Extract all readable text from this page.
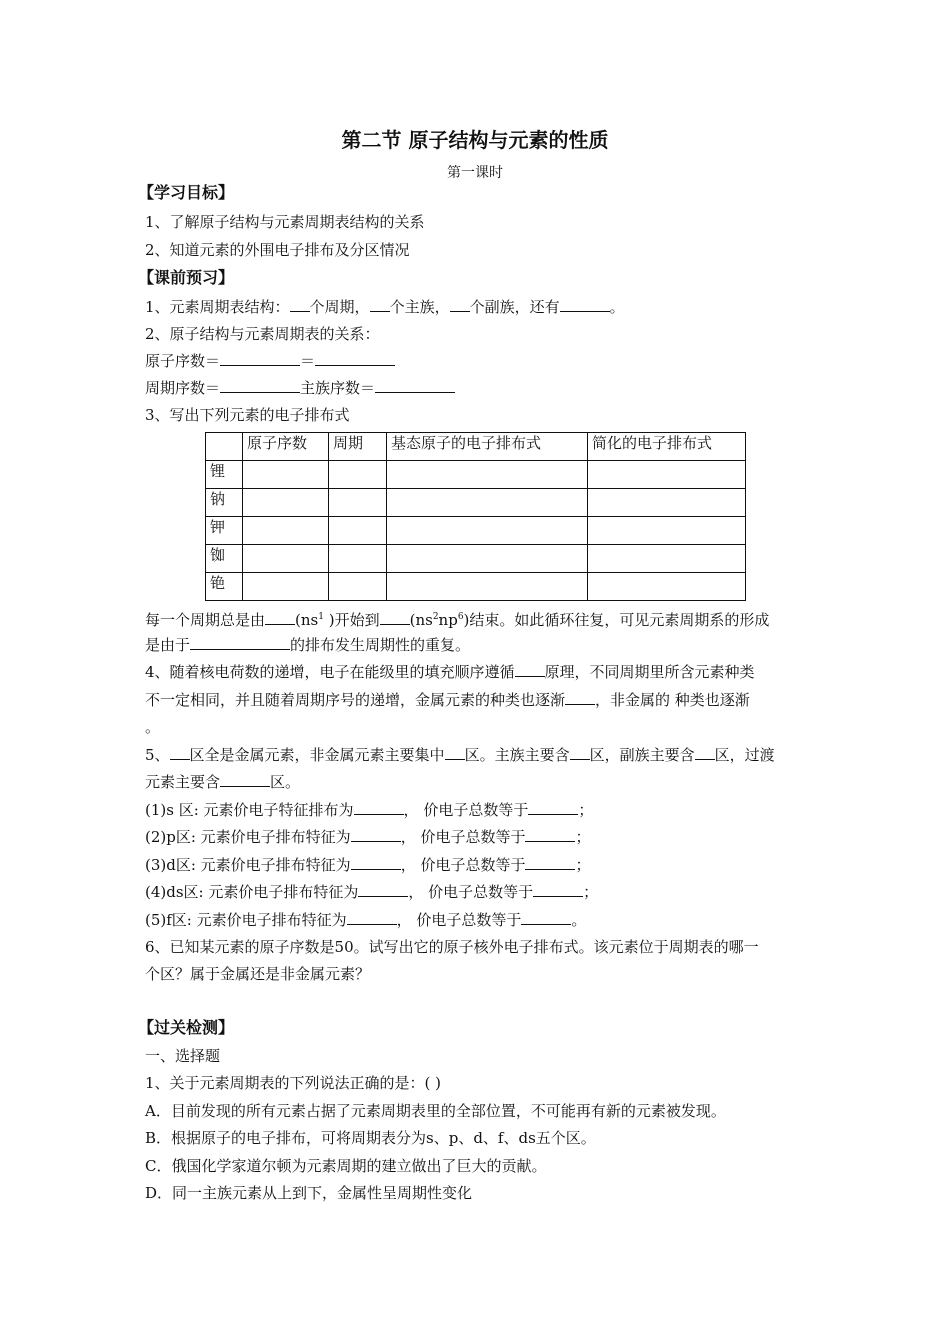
第二节 原子结构与元素的性质
第一课时
【学习目标】
1、了解原子结构与元素周期表结构的关系
2、知道元素的外围电子排布及分区情况
【课前预习】
1、元素周期表结构： 个周期， 个主族， 个副族，还有	。
2、原子结构与元素周期表的关系：
原子序数＝	＝
周期序数＝	主族序数＝
3、写出下列元素的电子排布式
	原子序数	周期	基态原子的电子排布式	简化的电子排布式
锂				
钠				
钾				
铷				
铯				
每一个周期总是由 ($ns^1$ )开始到 $(ns^2np^6)$结束。如此循环往复，可见元素周期系的形成
是由于	的排布发生周期性的重复。
4、随着核电荷数的递增，电子在能级里的填充顺序遵循 原理，不同周期里所含元素种类
不一定相同，并且随着周期序号的递增，金属元素的种类也逐渐 ，非金属的 种类也逐渐
。
5、 区全是金属元素，非金属元素主要集中 区。主族主要含 区，副族主要含 区，过渡
元素主要含	区。
(1)s 区: 元素价电子特征排布为	， 价电子总数等于	；
(2)p区: 元素价电子排布特征为	， 价电子总数等于	；
(3)d区: 元素价电子排布特征为	， 价电子总数等于	；
(4)ds区: 元素价电子排布特征为	， 价电子总数等于	；
(5)f区: 元素价电子排布特征为	， 价电子总数等于	。
6、已知某元素的原子序数是50。试写出它的原子核外电子排布式。该元素位于周期表的哪一
个区？属于金属还是非金属元素？
【过关检测】
一、选择题
1、关于元素周期表的下列说法正确的是：( )
A．目前发现的所有元素占据了元素周期表里的全部位置，不可能再有新的元素被发现。
B．根据原子的电子排布，可将周期表分为s、p、d、f、ds五个区。
C．俄国化学家道尔顿为元素周期的建立做出了巨大的贡献。
D．同一主族元素从上到下，金属性呈周期性变化
